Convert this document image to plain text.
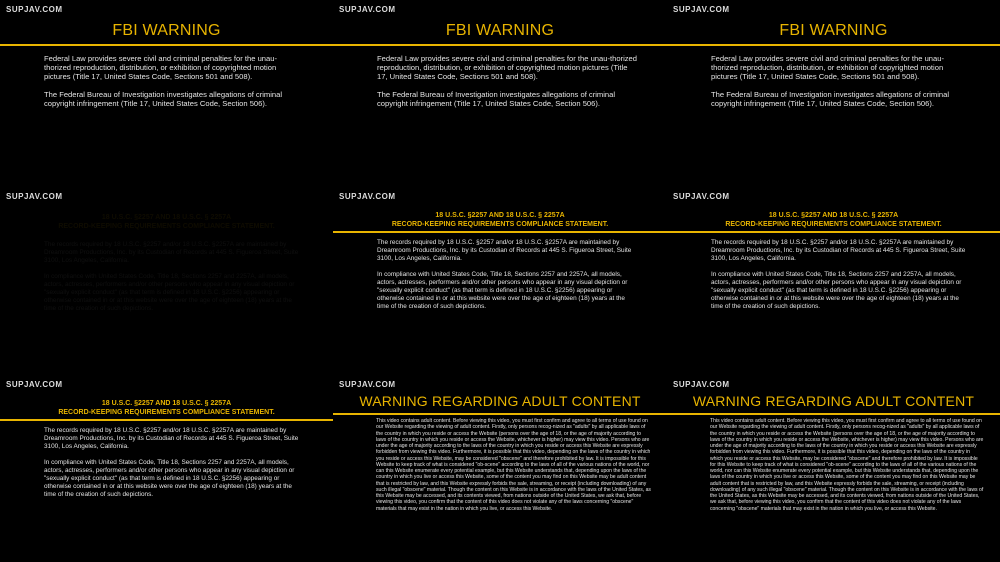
SUPJAV.COM
FBI WARNING

Federal Law provides severe civil and criminal penalties for the unau-thorized reproduction, distribution, or exhibition of copyrighted motion pictures (Title 17, United States Code, Sections 501 and 508).

The Federal Bureau of Investigation investigates allegations of criminal copyright infringement (Title 17, United States Code, Section 506).

SUPJAV.COM
FBI WARNING

Federal Law provides severe civil and criminal penalties for the unau-thorized reproduction, distribution, or exhibition of copyrighted motion pictures (Title 17, United States Code, Sections 501 and 508).

The Federal Bureau of Investigation investigates allegations of criminal copyright infringement (Title 17, United States Code, Section 506).

SUPJAV.COM
FBI WARNING

Federal Law provides severe civil and criminal penalties for the unau-thorized reproduction, distribution, or exhibition of copyrighted motion pictures (Title 17, United States Code, Sections 501 and 508).

The Federal Bureau of Investigation investigates allegations of criminal copyright infringement (Title 17, United States Code, Section 506).

SUPJAV.COM
18 U.S.C. §2257 AND 18 U.S.C. § 2257A
RECORD-KEEPING REQUIREMENTS COMPLIANCE STATEMENT.

The records required by 18 U.S.C. §2257 and/or 18 U.S.C. §2257A are maintained by Dreamroom Productions, Inc. by its Custodian of Records at 445 S. Figueroa Street, Suite 3100, Los Angeles, California.

In compliance with United States Code, Title 18, Sections 2257 and 2257A, all models, actors, actresses, performers and/or other persons who appear in any visual depiction or "sexually explicit conduct" (as that term is defined in 18 U.S.C. §2256) appearing or otherwise contained in or at this website were over the age of eighteen (18) years at the time of the creation of such depictions.

SUPJAV.COM
18 U.S.C. §2257 AND 18 U.S.C. § 2257A
RECORD-KEEPING REQUIREMENTS COMPLIANCE STATEMENT.

The records required by 18 U.S.C. §2257 and/or 18 U.S.C. §2257A are maintained by Dreamroom Productions, Inc. by its Custodian of Records at 445 S. Figueroa Street, Suite 3100, Los Angeles, California.

In compliance with United States Code, Title 18, Sections 2257 and 2257A, all models, actors, actresses, performers and/or other persons who appear in any visual depiction or "sexually explicit conduct" (as that term is defined in 18 U.S.C. §2256) appearing or otherwise contained in or at this website were over the age of eighteen (18) years at the time of the creation of such depictions.

SUPJAV.COM
18 U.S.C. §2257 AND 18 U.S.C. § 2257A
RECORD-KEEPING REQUIREMENTS COMPLIANCE STATEMENT.

The records required by 18 U.S.C. §2257 and/or 18 U.S.C. §2257A are maintained by Dreamroom Productions, Inc. by its Custodian of Records at 445 S. Figueroa Street, Suite 3100, Los Angeles, California.

In compliance with United States Code, Title 18, Sections 2257 and 2257A, all models, actors, actresses, performers and/or other persons who appear in any visual depiction or "sexually explicit conduct" (as that term is defined in 18 U.S.C. §2256) appearing or otherwise contained in or at this website were over the age of eighteen (18) years at the time of the creation of such depictions.

SUPJAV.COM
18 U.S.C. §2257 AND 18 U.S.C. § 2257A
RECORD-KEEPING REQUIREMENTS COMPLIANCE STATEMENT.

The records required by 18 U.S.C. §2257 and/or 18 U.S.C. §2257A are maintained by Dreamroom Productions, Inc. by its Custodian of Records at 445 S. Figueroa Street, Suite 3100, Los Angeles, California.

In compliance with United States Code, Title 18, Sections 2257 and 2257A, all models, actors, actresses, performers and/or other persons who appear in any visual depiction or "sexually explicit conduct" (as that term is defined in 18 U.S.C. §2256) appearing or otherwise contained in or at this website were over the age of eighteen (18) years at the time of the creation of such depictions.

SUPJAV.COM
WARNING REGARDING ADULT CONTENT

This video contains adult content. Before viewing this video, you must first confirm and agree to all terms of use found on our Website regarding the viewing of adult content. Firstly, only persons recog-nized as "adults" by all applicable laws of the country in which you reside or access the Website (persons over the age of 18, or the age of majority according to laws of the country in which you reside or access the Website, whichever is higher) may view this video. Persons who are under the age of majority according to the laws of the country in which you reside or access this Website are expressly forbidden from viewing this video. Furthermore, it is possible that this video, depending on the laws of the country in which you reside or access this Website, may be considered "obscene" and therefore prohibited by law. It is impossible for this Website to keep track of what is considered "ob-scene" according to the laws of all of the various nations of the world, nor can this Website enumerate every potential example, but this Website understands that, depending upon the laws of the country in which you live or access this Website, some of the content you may find on this Website may be adult content that is restricted by law, and this Website expressly forbids the sale, streaming, or receipt (including downloading) of any such illegal "obscene" material. Though the content on this Website is in accordance with the laws of the United States, as this Website may be accessed, and its contents viewed, from nations outside of the United States, we ask that, before viewing this video, you confirm that the content of this video does not violate any of the laws concerning "obscene" materials that may exist in the nation in which you live, or access this Website.

SUPJAV.COM
WARNING REGARDING ADULT CONTENT

This video contains adult content. Before viewing this video, you must first confirm and agree to all terms of use found on our Website regarding the viewing of adult content. Firstly, only persons recog-nized as "adults" by all applicable laws of the country in which you reside or access the Website (persons over the age of 18, or the age of majority according to laws of the country in which you reside or access the Website, whichever is higher) may view this video. Persons who are under the age of majority according to the laws of the country in which you reside or access this Website are expressly forbidden from viewing this video. Furthermore, it is possible that this video, depending on the laws of the country in which you reside or access this Website, may be considered "obscene" and therefore prohibited by law. It is impossible for this Website to keep track of what is considered "ob-scene" according to the laws of all of the various nations of the world, nor can this Website enumerate every potential example, but this Website understands that, depending upon the laws of the country in which you live or access this Website, some of the content you may find on this Website may be adult content that is restricted by law, and this Website expressly forbids the sale, streaming, or receipt (including downloading) of any such illegal "obscene" material. Though the content on this Website is in accordance with the laws of the United States, as this Website may be accessed, and its contents viewed, from nations outside of the United States, we ask that, before viewing this video, you confirm that the content of this video does not violate any of the laws concerning "obscene" materials that may exist in the nation in which you live, or access this Website.
